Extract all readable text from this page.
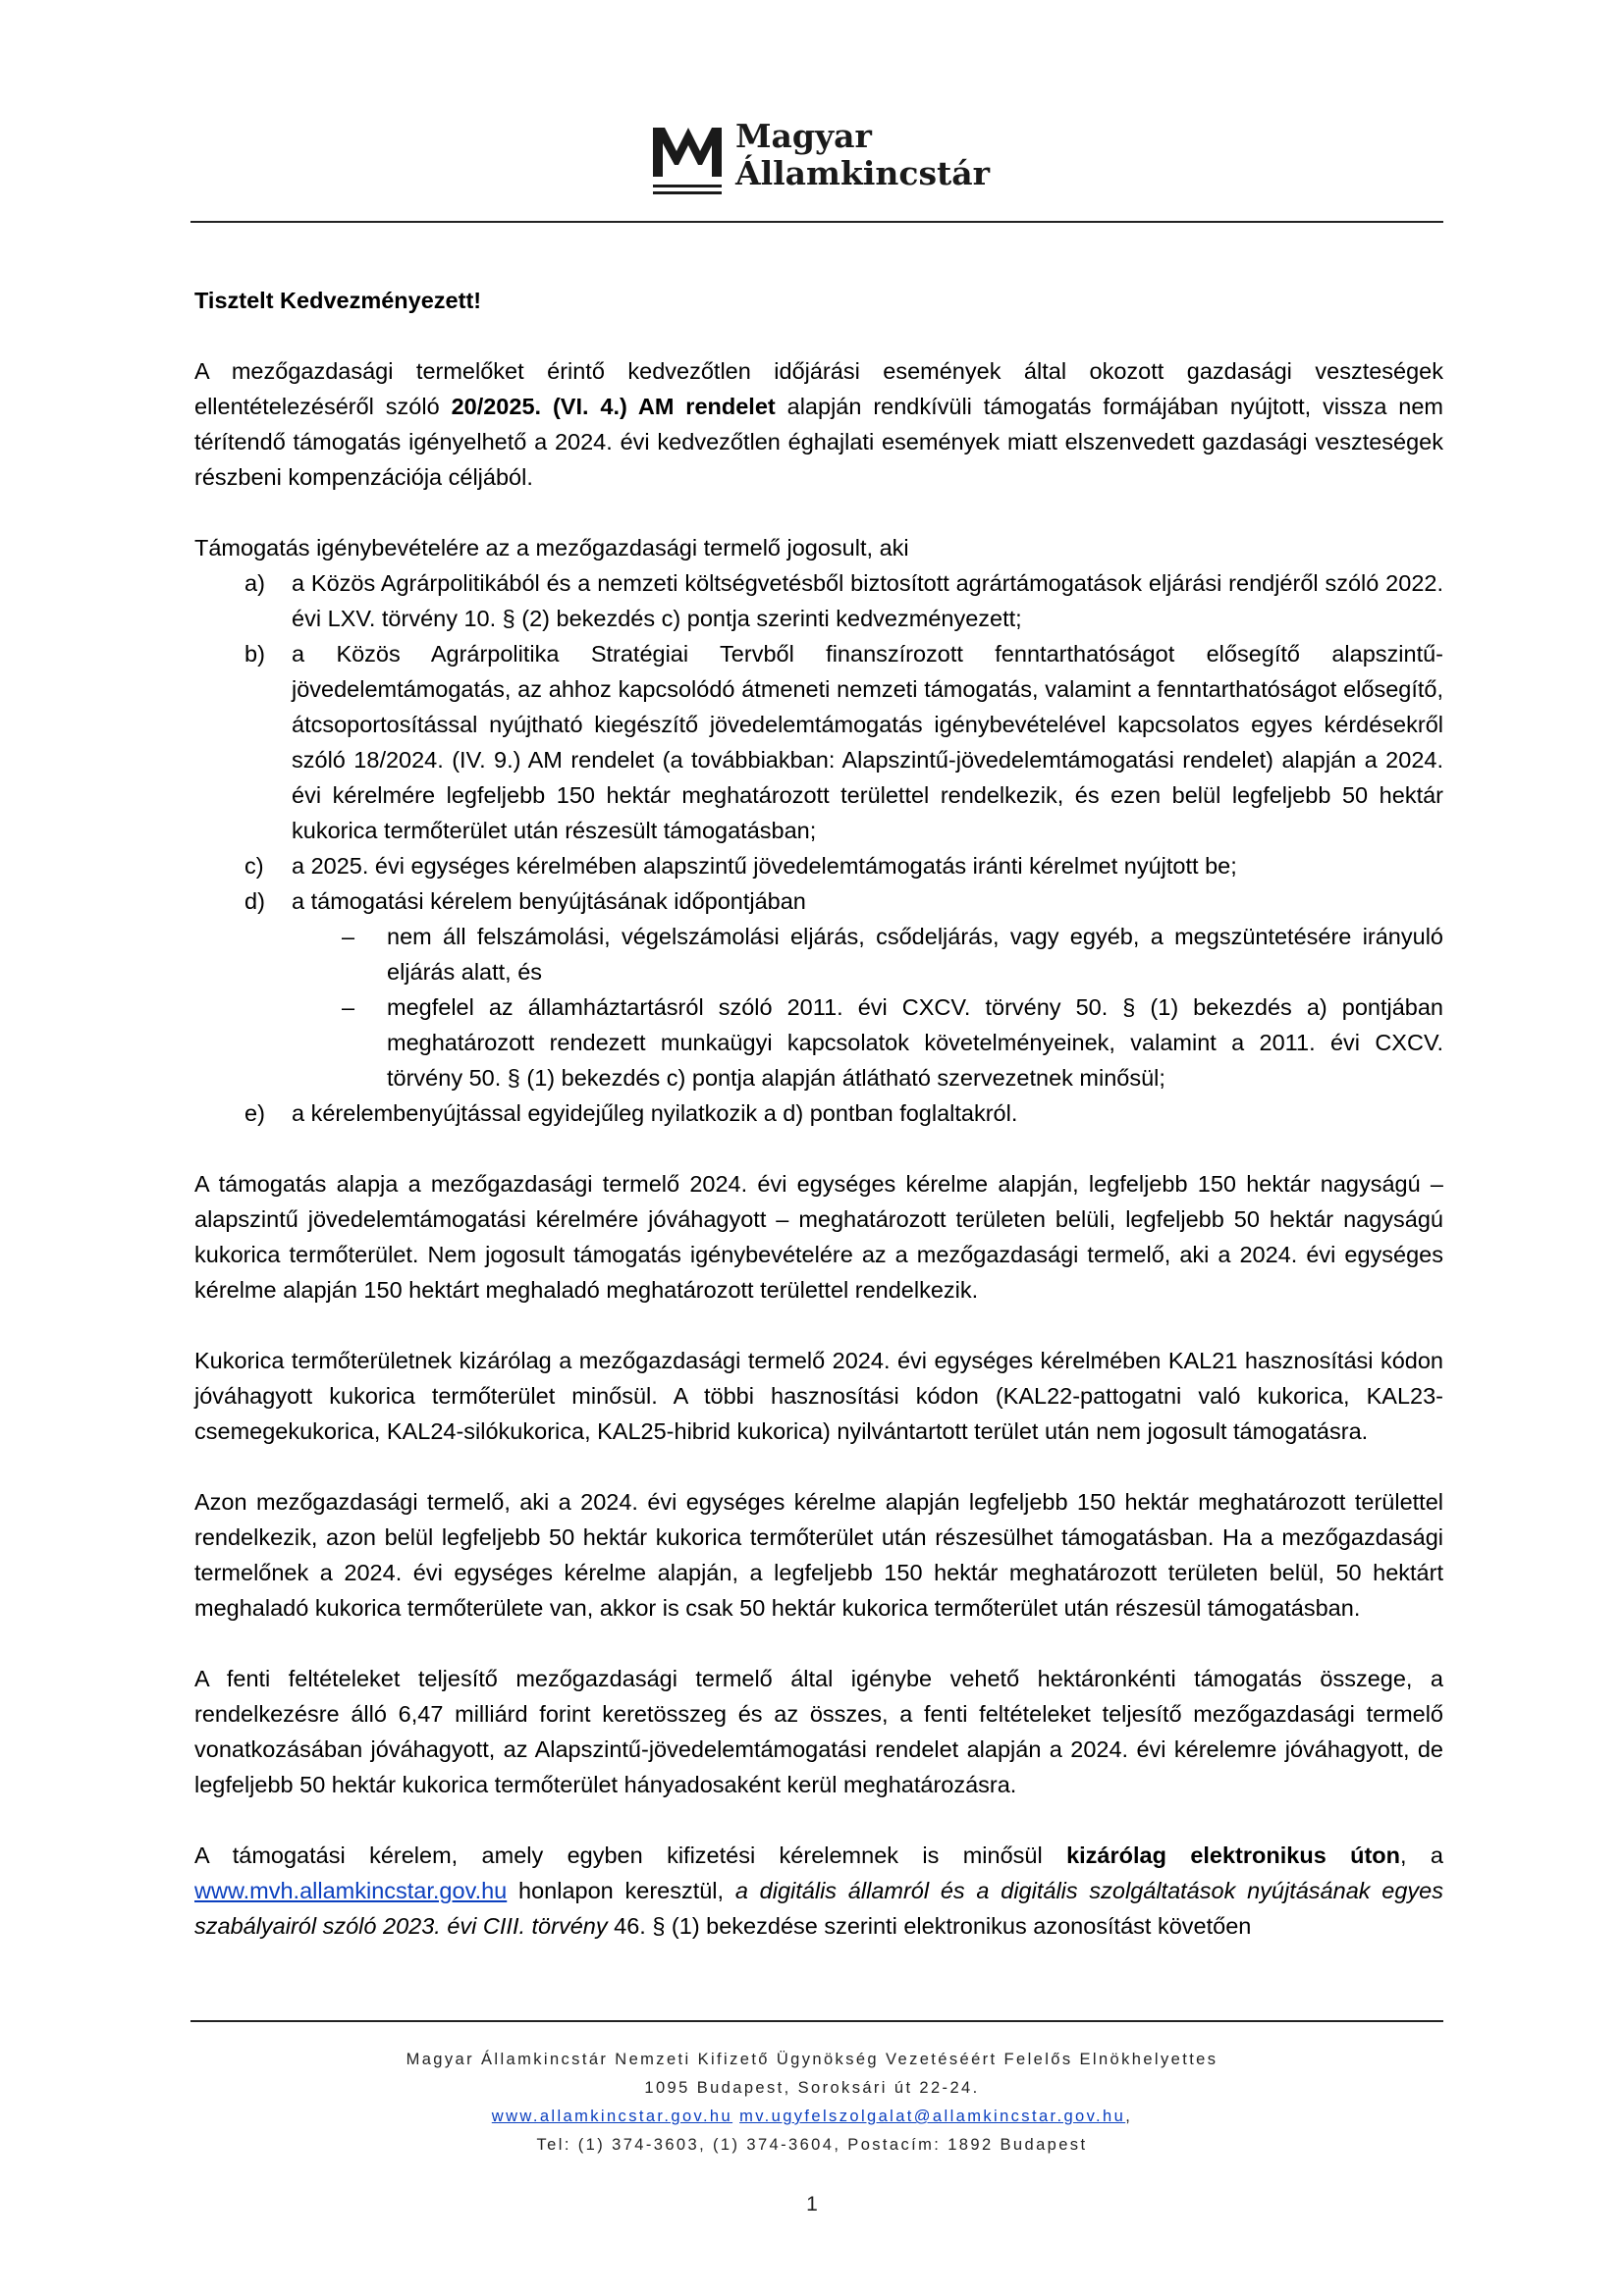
Magyar
Államkincstár

Tisztelt Kedvezményezett!

A mezőgazdasági termelőket érintő kedvezőtlen időjárási események által okozott gazdasági veszteségek ellentételezéséről szóló 20/2025. (VI. 4.) AM rendelet alapján rendkívüli támogatás formájában nyújtott, vissza nem térítendő támogatás igényelhető a 2024. évi kedvezőtlen éghajlati események miatt elszenvedett gazdasági veszteségek részbeni kompenzációja céljából.

Támogatás igénybevételére az a mezőgazdasági termelő jogosult, aki

a) a Közös Agrárpolitikából és a nemzeti költségvetésből biztosított agrártámogatások eljárási rendjéről szóló 2022. évi LXV. törvény 10. § (2) bekezdés c) pontja szerinti kedvezményezett;
b) a Közös Agrárpolitika Stratégiai Tervből finanszírozott fenntarthatóságot elősegítő alapszintű-jövedelemtámogatás, az ahhoz kapcsolódó átmeneti nemzeti támogatás, valamint a fenntarthatóságot elősegítő, átcsoportosítással nyújtható kiegészítő jövedelemtámogatás igénybevételével kapcsolatos egyes kérdésekről szóló 18/2024. (IV. 9.) AM rendelet (a továbbiakban: Alapszintű-jövedelemtámogatási rendelet) alapján a 2024. évi kérelmére legfeljebb 150 hektár meghatározott területtel rendelkezik, és ezen belül legfeljebb 50 hektár kukorica termőterület után részesült támogatásban;
c) a 2025. évi egységes kérelmében alapszintű jövedelemtámogatás iránti kérelmet nyújtott be;
d) a támogatási kérelem benyújtásának időpontjában
– nem áll felszámolási, végelszámolási eljárás, csődeljárás, vagy egyéb, a megszüntetésére irányuló eljárás alatt, és
– megfelel az államháztartásról szóló 2011. évi CXCV. törvény 50. § (1) bekezdés a) pontjában meghatározott rendezett munkaügyi kapcsolatok követelményeinek, valamint a 2011. évi CXCV. törvény 50. § (1) bekezdés c) pontja alapján átlátható szervezetnek minősül;
e) a kérelembenyújtással egyidejűleg nyilatkozik a d) pontban foglaltakról.

A támogatás alapja a mezőgazdasági termelő 2024. évi egységes kérelme alapján, legfeljebb 150 hektár nagyságú – alapszintű jövedelemtámogatási kérelmére jóváhagyott – meghatározott területen belüli, legfeljebb 50 hektár nagyságú kukorica termőterület. Nem jogosult támogatás igénybevételére az a mezőgazdasági termelő, aki a 2024. évi egységes kérelme alapján 150 hektárt meghaladó meghatározott területtel rendelkezik.

Kukorica termőterületnek kizárólag a mezőgazdasági termelő 2024. évi egységes kérelmében KAL21 hasznosítási kódon jóváhagyott kukorica termőterület minősül. A többi hasznosítási kódon (KAL22-pattogatni való kukorica, KAL23-csemegekukorica, KAL24-silókukorica, KAL25-hibrid kukorica) nyilvántartott terület után nem jogosult támogatásra.

Azon mezőgazdasági termelő, aki a 2024. évi egységes kérelme alapján legfeljebb 150 hektár meghatározott területtel rendelkezik, azon belül legfeljebb 50 hektár kukorica termőterület után részesülhet támogatásban. Ha a mezőgazdasági termelőnek a 2024. évi egységes kérelme alapján, a legfeljebb 150 hektár meghatározott területen belül, 50 hektárt meghaladó kukorica termőterülete van, akkor is csak 50 hektár kukorica termőterület után részesül támogatásban.

A fenti feltételeket teljesítő mezőgazdasági termelő által igénybe vehető hektáronkénti támogatás összege, a rendelkezésre álló 6,47 milliárd forint keretösszeg és az összes, a fenti feltételeket teljesítő mezőgazdasági termelő vonatkozásában jóváhagyott, az Alapszintű-jövedelemtámogatási rendelet alapján a 2024. évi kérelemre jóváhagyott, de legfeljebb 50 hektár kukorica termőterület hányadosaként kerül meghatározásra.

A támogatási kérelem, amely egyben kifizetési kérelemnek is minősül kizárólag elektronikus úton, a www.mvh.allamkincstar.gov.hu honlapon keresztül, a digitális államról és a digitális szolgáltatások nyújtásának egyes szabályairól szóló 2023. évi CIII. törvény 46. § (1) bekezdése szerinti elektronikus azonosítást követően

Magyar Államkincstár Nemzeti Kifizető Ügynökség Vezetéséért Felelős Elnökhelyettes
1095 Budapest, Soroksári út 22-24.
www.allamkincstar.gov.hu mv.ugyfelszolgalat@allamkincstar.gov.hu,
Tel: (1) 374-3603, (1) 374-3604, Postacím: 1892 Budapest
1
